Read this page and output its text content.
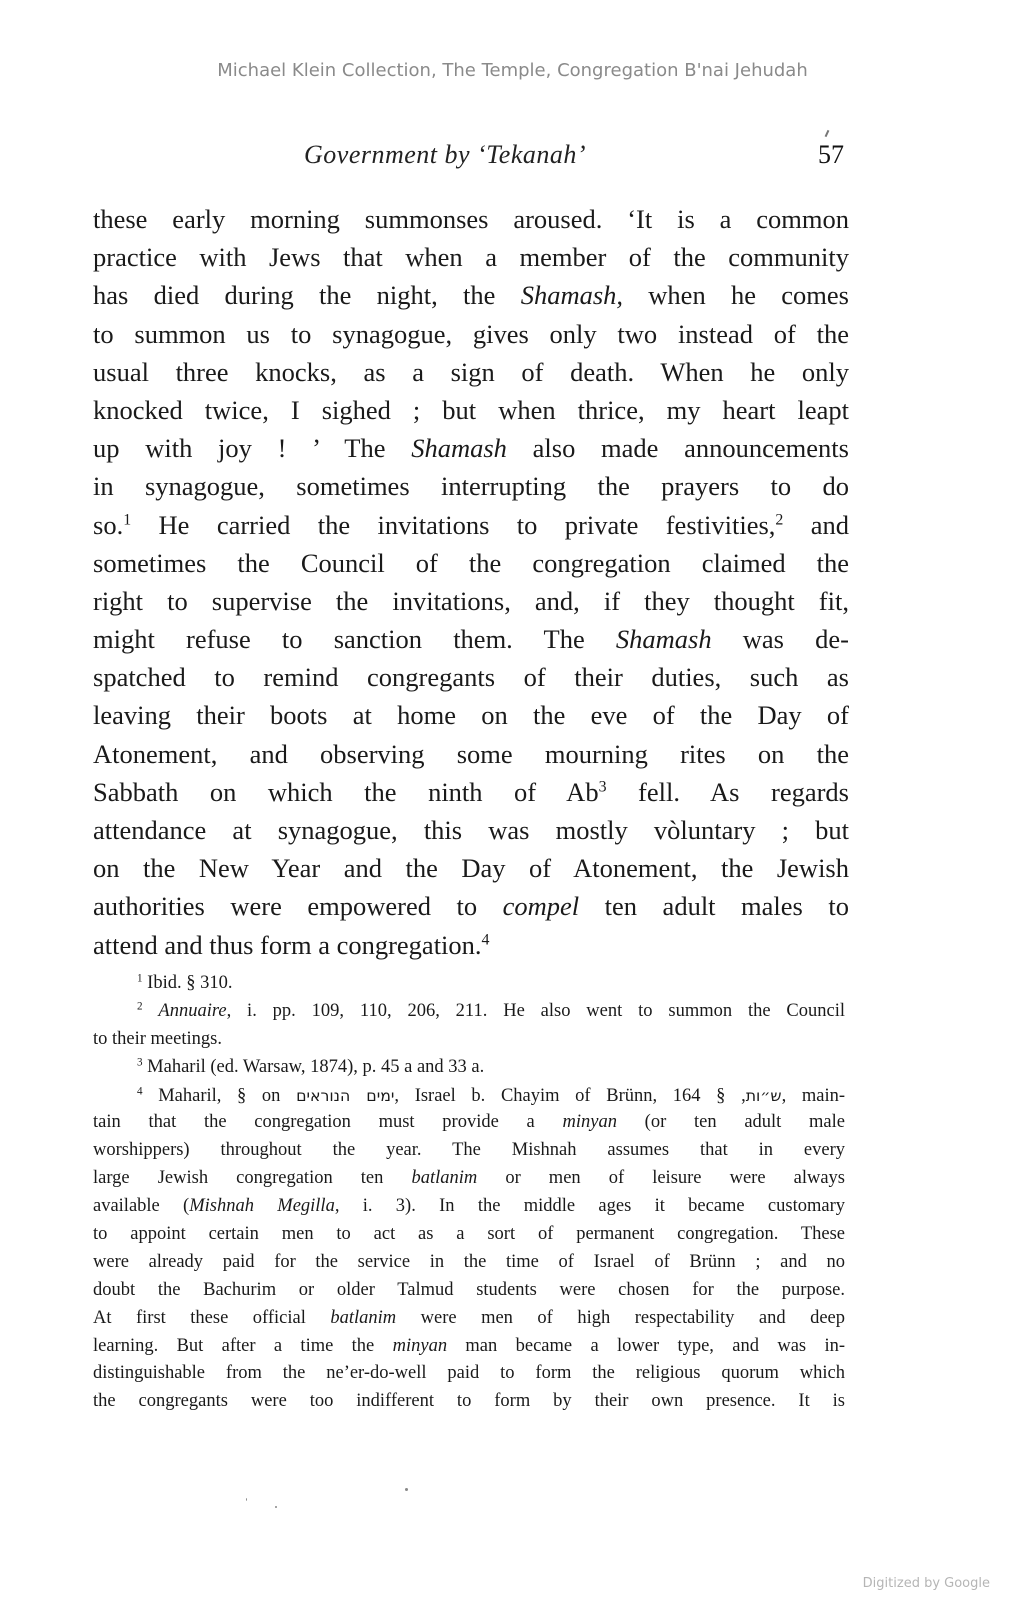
Michael Klein Collection, The Temple, Congregation B'nai Jehudah
Government by ‘Tekanah’	57
these early morning summonses aroused. ‘It is a common
practice with Jews that when a member of the community
has died during the night, the Shamash, when he comes
to summon us to synagogue, gives only two instead of the
usual three knocks, as a sign of death. When he only
knocked twice, I sighed ; but when thrice, my heart leapt
up with joy ! ’ The Shamash also made announcements
in synagogue, sometimes interrupting the prayers to do
so.$^1$ He carried the invitations to private festivities,$^2$ and
sometimes the Council of the congregation claimed the
right to supervise the invitations, and, if they thought fit,
might refuse to sanction them. The Shamash was de-
spatched to remind congregants of their duties, such as
leaving their boots at home on the eve of the Day of
Atonement, and observing some mourning rites on the
Sabbath on which the ninth of Ab$^3$ fell. As regards
attendance at synagogue, this was mostly vòluntary ; but
on the New Year and the Day of Atonement, the Jewish
authorities were empowered to compel ten adult males to
attend and thus form a congregation.$^4$
$^1$ Ibid. § 310.
$^2$ Annuaire, i. pp. 109, 110, 206, 211. He also went to summon the Council
to their meetings.
$^3$ Maharil (ed. Warsaw, 1874), p. 45 a and 33 a.
$^4$ Maharil, § on ימים הנוראים, Israel b. Chayim of Brünn,	ש״ות, § 164, main-
tain that the congregation must provide a minyan (or ten adult male
worshippers) throughout the year. The Mishnah assumes that in every
large Jewish congregation ten batlanim or men of leisure were always
available (Mishnah Megilla, i. 3). In the middle ages it became customary
to appoint certain men to act as a sort of permanent congregation. These
were already paid for the service in the time of Israel of Brünn ; and no
doubt the Bachurim or older Talmud students were chosen for the purpose.
At first these official batlanim were men of high respectability and deep
learning. But after a time the minyan man became a lower type, and was in-
distinguishable from the ne’er-do-well paid to form the religious quorum which
the congregants were too indifferent to form by their own presence. It is
Digitized by Google
